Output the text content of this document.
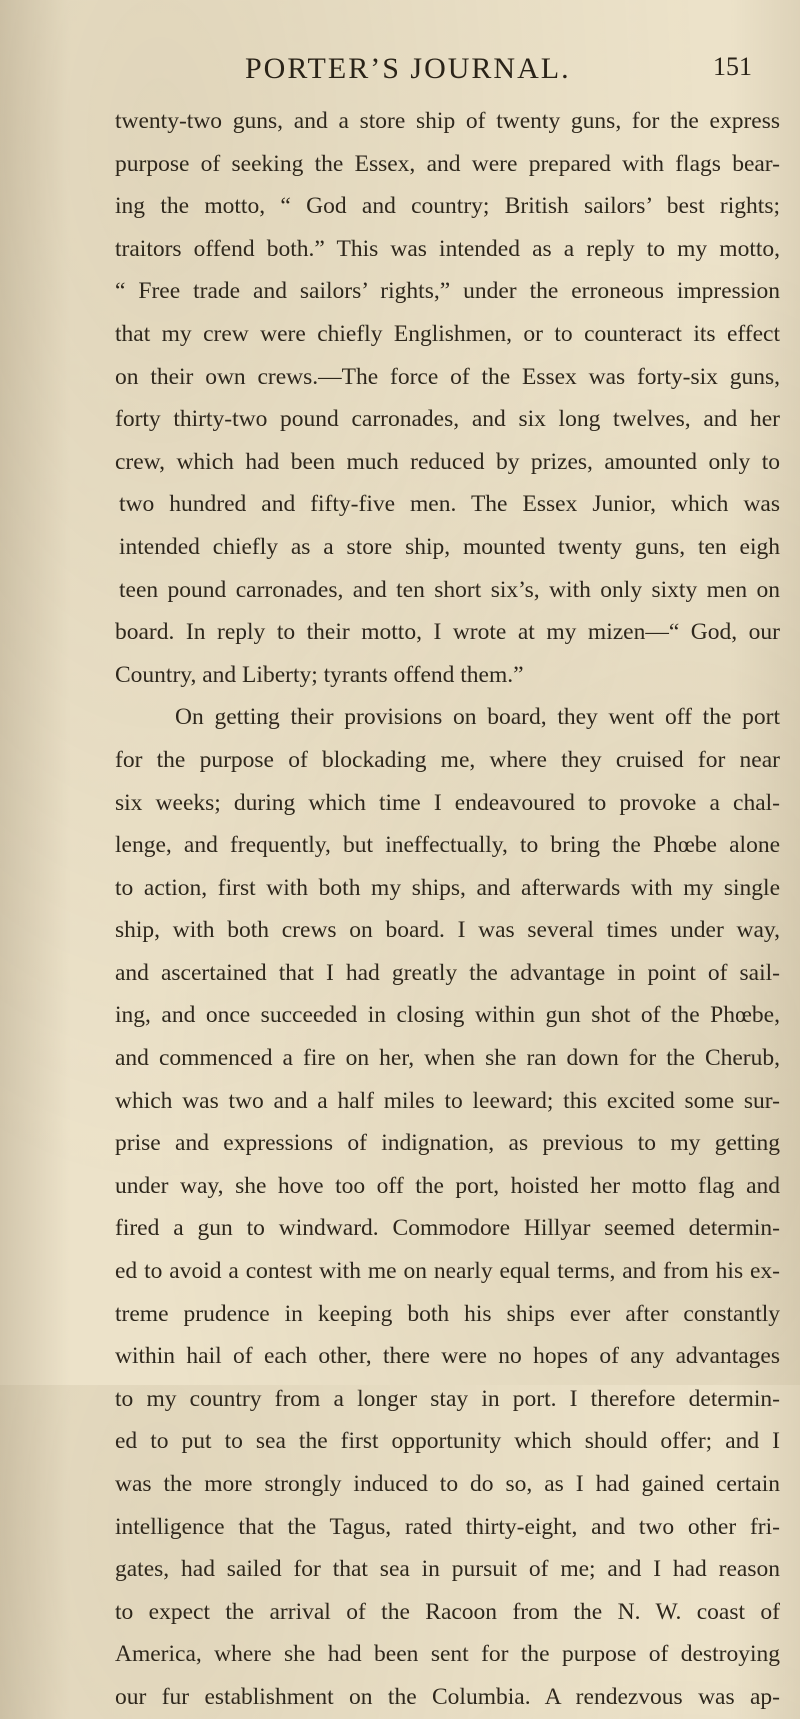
PORTER’S JOURNAL.	151
twenty-two guns, and a store ship of twenty guns, for the express
purpose of seeking the Essex, and were prepared with flags bear-
ing the motto, “ God and country; British sailors’ best rights;
traitors offend both.” This was intended as a reply to my motto,
“ Free trade and sailors’ rights,” under the erroneous impression
that my crew were chiefly Englishmen, or to counteract its effect
on their own crews.—The force of the Essex was forty-six guns,
forty thirty-two pound carronades, and six long twelves, and her
crew, which had been much reduced by prizes, amounted only to
two hundred and fifty-five men. The Essex Junior, which was
intended chiefly as a store ship, mounted twenty guns, ten eigh
teen pound carronades, and ten short six’s, with only sixty men on
board. In reply to their motto, I wrote at my mizen—“ God, our
Country, and Liberty; tyrants offend them.”
On getting their provisions on board, they went off the port
for the purpose of blockading me, where they cruised for near
six weeks; during which time I endeavoured to provoke a chal-
lenge, and frequently, but ineffectually, to bring the Phœbe alone
to action, first with both my ships, and afterwards with my single
ship, with both crews on board. I was several times under way,
and ascertained that I had greatly the advantage in point of sail-
ing, and once succeeded in closing within gun shot of the Phœbe,
and commenced a fire on her, when she ran down for the Cherub,
which was two and a half miles to leeward; this excited some sur-
prise and expressions of indignation, as previous to my getting
under way, she hove too off the port, hoisted her motto flag and
fired a gun to windward. Commodore Hillyar seemed determin-
ed to avoid a contest with me on nearly equal terms, and from his ex-
treme prudence in keeping both his ships ever after constantly
within hail of each other, there were no hopes of any advantages
to my country from a longer stay in port. I therefore determin-
ed to put to sea the first opportunity which should offer; and I
was the more strongly induced to do so, as I had gained certain
intelligence that the Tagus, rated thirty-eight, and two other fri-
gates, had sailed for that sea in pursuit of me; and I had reason
to expect the arrival of the Racoon from the N. W. coast of
America, where she had been sent for the purpose of destroying
our fur establishment on the Columbia. A rendezvous was ap-
